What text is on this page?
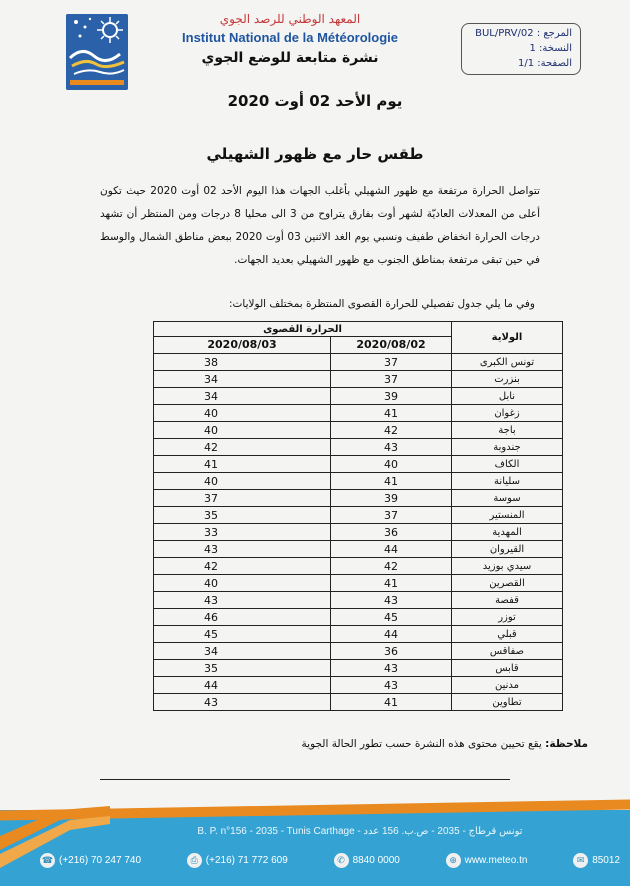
المعهد الوطني للرصد الجوي
Institut National de la Météorologie
نشرة متابعة للوضع الجوي
المرجع : BUL/PRV/02
النسخة: 1
الصفحة: 1/1
يوم الأحد 02 أوت 2020
طقس حار مع ظهور الشهيلي
تتواصل الحرارة مرتفعة مع ظهور الشهيلي بأغلب الجهات هذا اليوم الأحد 02 أوت 2020 حيث تكون أعلى من المعدلات العاديّة لشهر أوت بفارق يتراوح من 3 الى محليا 8 درجات ومن المنتظر أن تشهد درجات الحرارة انخفاض طفيف ونسبي يوم الغد الاثنين 03 أوت 2020 ببعض مناطق الشمال والوسط في حين تبقى مرتفعة بمناطق الجنوب مع ظهور الشهيلي بعديد الجهات.
وفي ما يلي جدول تفصيلي للحرارة القصوى المنتظرة بمختلف الولايات:
الولاية	الحرارة القصوى	
	2020/08/02	2020/08/03
تونس الكبرى	37	38
بنزرت	37	34
نابل	39	34
زغوان	41	40
باجة	42	40
جندوبة	43	42
الكاف	40	41
سليانة	41	40
سوسة	39	37
المنستير	37	35
المهدية	36	33
القيروان	44	43
سيدي بوزيد	42	42
القصرين	41	40
قفصة	43	43
توزر	45	46
قبلي	44	45
صفاقس	36	34
قابس	43	35
مدنين	43	44
تطاوين	41	43
ملاحظة: يقع تحيين محتوى هذه النشرة حسب تطور الحالة الجوية
B. P. n°156 - 2035 - Tunis Carthage - تونس قرطاج - 2035 - ص.ب. 156 عدد
☎ (+216) 70 247 740	⎙ (+216) 71 772 609	✆ 8840 0000	⊕ www.meteo.tn	✉ 85012
